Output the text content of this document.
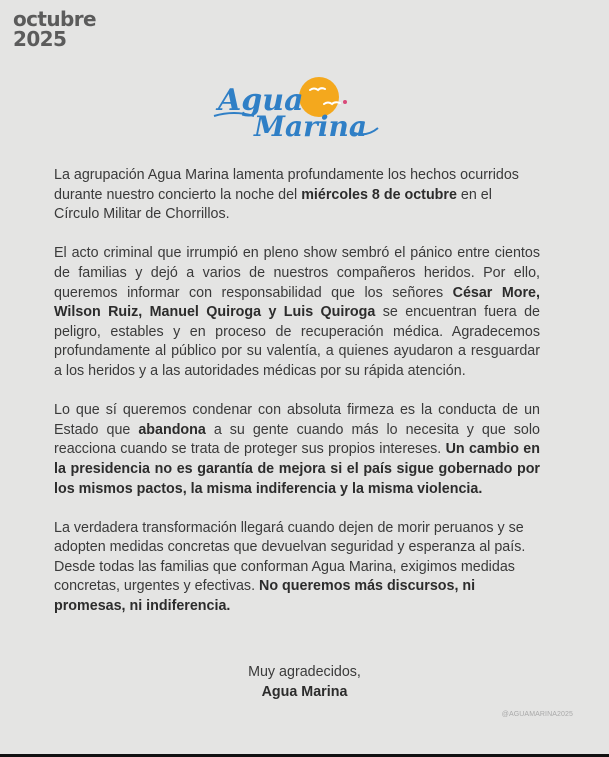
octubre
2025
Agua
Marina

La agrupación Agua Marina lamenta profundamente los hechos ocurridos durante nuestro concierto la noche del miércoles 8 de octubre en el Círculo Militar de Chorrillos.

El acto criminal que irrumpió en pleno show sembró el pánico entre cientos de familias y dejó a varios de nuestros compañeros heridos. Por ello, queremos informar con responsabilidad que los señores César More, Wilson Ruiz, Manuel Quiroga y Luis Quiroga se encuentran fuera de peligro, estables y en proceso de recuperación médica. Agradecemos profundamente al público por su valentía, a quienes ayudaron a resguardar a los heridos y a las autoridades médicas por su rápida atención.

Lo que sí queremos condenar con absoluta firmeza es la conducta de un Estado que abandona a su gente cuando más lo necesita y que solo reacciona cuando se trata de proteger sus propios intereses. Un cambio en la presidencia no es garantía de mejora si el país sigue gobernado por los mismos pactos, la misma indiferencia y la misma violencia.

La verdadera transformación llegará cuando dejen de morir peruanos y se adopten medidas concretas que devuelvan seguridad y esperanza al país. Desde todas las familias que conforman Agua Marina, exigimos medidas concretas, urgentes y efectivas. No queremos más discursos, ni promesas, ni indiferencia.

Muy agradecidos,
Agua Marina
@AGUAMARINA2025
